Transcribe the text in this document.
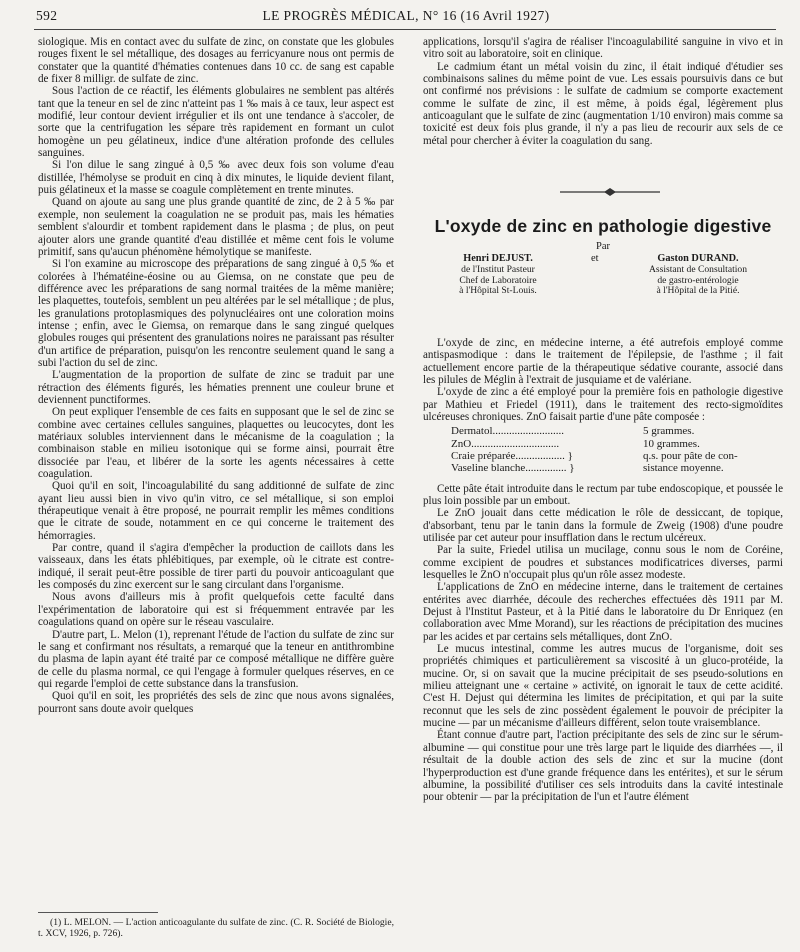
592	LE PROGRÈS MÉDICAL, N° 16 (16 Avril 1927)

siologique. Mis en contact avec du sulfate de zinc, on constate que les globules rouges fixent le sel métallique, des dosages au ferricyanure nous ont permis de constater que la quantité d'hématies contenues dans 10 cc. de sang est capable de fixer 8 milligr. de sulfate de zinc.

Sous l'action de ce réactif, les éléments globulaires ne semblent pas altérés tant que la teneur en sel de zinc n'atteint pas 1 ‰ mais à ce taux, leur aspect est modifié, leur contour devient irrégulier et ils ont une tendance à s'accoler, de sorte que la centrifugation les sépare très rapidement en formant un culot homogène un peu gélatineux, indice d'une altération profonde des cellules sanguines.

Si l'on dilue le sang zingué à 0,5 ‰ avec deux fois son volume d'eau distillée, l'hémolyse se produit en cinq à dix minutes, le liquide devient filant, puis gélatineux et la masse se coagule complètement en trente minutes.

Quand on ajoute au sang une plus grande quantité de zinc, de 2 à 5 ‰ par exemple, non seulement la coagulation ne se produit pas, mais les hématies semblent s'alourdir et tombent rapidement dans le plasma ; de plus, on peut ajouter alors une grande quantité d'eau distillée et même cent fois le volume primitif, sans qu'aucun phénomène hémolytique se manifeste.

Si l'on examine au microscope des préparations de sang zingué à 0,5 ‰ et colorées à l'hématéine-éosine ou au Giemsa, on ne constate que peu de différence avec les préparations de sang normal traitées de la même manière; les plaquettes, toutefois, semblent un peu altérées par le sel métallique ; de plus, les granulations protoplasmiques des polynucléaires ont une coloration moins intense ; enfin, avec le Giemsa, on remarque dans le sang zingué quelques globules rouges qui présentent des granulations noires ne paraissant pas résulter d'un artifice de préparation, puisqu'on les rencontre seulement quand le sang a subi l'action du sel de zinc.

L'augmentation de la proportion de sulfate de zinc se traduit par une rétraction des éléments figurés, les hématies prennent une couleur brune et deviennent punctiformes.

On peut expliquer l'ensemble de ces faits en supposant que le sel de zinc se combine avec certaines cellules sanguines, plaquettes ou leucocytes, dont les matériaux solubles interviennent dans le mécanisme de la coagulation ; la combinaison stable en milieu isotonique qui se forme ainsi, pourrait être dissociée par l'eau, et libérer de la sorte les agents nécessaires à cette coagulation.

Quoi qu'il en soit, l'incoagulabilité du sang additionné de sulfate de zinc ayant lieu aussi bien in vivo qu'in vitro, ce sel métallique, si son emploi thérapeutique venait à être proposé, ne pourrait remplir les mêmes conditions que le citrate de soude, notamment en ce qui concerne le traitement des hémorragies.

Par contre, quand il s'agira d'empêcher la production de caillots dans les vaisseaux, dans les états phlébitiques, par exemple, où le citrate est contre-indiqué, il serait peut-être possible de tirer parti du pouvoir anticoagulant que les composés du zinc exercent sur le sang circulant dans l'organisme.

Nous avons d'ailleurs mis à profit quelquefois cette faculté dans l'expérimentation de laboratoire qui est si fréquemment entravée par les coagulations quand on opère sur le réseau vasculaire.

D'autre part, L. Melon (1), reprenant l'étude de l'action du sulfate de zinc sur le sang et confirmant nos résultats, a remarqué que la teneur en antithrombine du plasma de lapin ayant été traité par ce composé métallique ne diffère guère de celle du plasma normal, ce qui l'engage à formuler quelques réserves, en ce qui regarde l'emploi de cette substance dans la transfusion.

Quoi qu'il en soit, les propriétés des sels de zinc que nous avons signalées, pourront sans doute avoir quelques

(1) L. MELON. — L'action anticoagulante du sulfate de zinc. (C. R. Société de Biologie, t. XCV, 1926, p. 726).

applications, lorsqu'il s'agira de réaliser l'incoagulabilité sanguine in vivo et in vitro soit au laboratoire, soit en clinique.

Le cadmium étant un métal voisin du zinc, il était indiqué d'étudier ses combinaisons salines du même point de vue. Les essais poursuivis dans ce but ont confirmé nos prévisions : le sulfate de cadmium se comporte exactement comme le sulfate de zinc, il est même, à poids égal, légèrement plus anticoagulant que le sulfate de zinc (augmentation 1/10 environ) mais comme sa toxicité est deux fois plus grande, il n'y a pas lieu de recourir aux sels de ce métal pour chercher à éviter la coagulation du sang.

L'oxyde de zinc en pathologie digestive
Par
Henri DEJUST.
de l'Institut Pasteur
Chef de Laboratoire
à l'Hôpital St-Louis.
et	Gaston DURAND.
Assistant de Consultation
de gastro-entérologie
à l'Hôpital de la Pitié.

L'oxyde de zinc, en médecine interne, a été autrefois employé comme antispasmodique : dans le traitement de l'épilepsie, de l'asthme ; il fait actuellement encore partie de la thérapeutique sédative courante, associé dans les pilules de Méglin à l'extrait de jusquiame et de valériane.

L'oxyde de zinc a été employé pour la première fois en pathologie digestive par Mathieu et Friedel (1911), dans le traitement des recto-sigmoïdites ulcéreuses chroniques. ZnO faisait partie d'une pâte composée :

Dermatol..........................	5 grammes.
ZnO................................	10 grammes.
Craie préparée.................. }	q.s. pour pâte de con-
Vaseline blanche............... }	sistance moyenne.

Cette pâte était introduite dans le rectum par tube endoscopique, et poussée le plus loin possible par un embout.

Le ZnO jouait dans cette médication le rôle de dessiccant, de topique, d'absorbant, tenu par le tanin dans la formule de Zweig (1908) d'une poudre utilisée par cet auteur pour insufflation dans le rectum ulcéreux.

Par la suite, Friedel utilisa un mucilage, connu sous le nom de Coréine, comme excipient de poudres et substances modificatrices diverses, parmi lesquelles le ZnO n'occupait plus qu'un rôle assez modeste.

L'applications de ZnO en médecine interne, dans le traitement de certaines entérites avec diarrhée, découle des recherches effectuées dès 1911 par M. Dejust à l'Institut Pasteur, et à la Pitié dans le laboratoire du Dr Enriquez (en collaboration avec Mme Morand), sur les réactions de précipitation des mucines par les acides et par certains sels métalliques, dont ZnO.

Le mucus intestinal, comme les autres mucus de l'organisme, doit ses propriétés chimiques et particulièrement sa viscosité à un gluco-protéide, la mucine. Or, si on savait que la mucine précipitait de ses pseudo-solutions en milieu atteignant une « certaine » activité, on ignorait le taux de cette acidité. C'est H. Dejust qui détermina les limites de précipitation, et qui par la suite reconnut que les sels de zinc possèdent également le pouvoir de précipiter la mucine — par un mécanisme d'ailleurs différent, selon toute vraisemblance.

Étant connue d'autre part, l'action précipitante des sels de zinc sur le sérum-albumine — qui constitue pour une très large part le liquide des diarrhées —, il résultait de la double action des sels de zinc et sur la mucine (dont l'hyperproduction est d'une grande fréquence dans les entérites), et sur le sérum albumine, la possibilité d'utiliser ces sels introduits dans la cavité intestinale pour obtenir — par la précipitation de l'un et l'autre élément
